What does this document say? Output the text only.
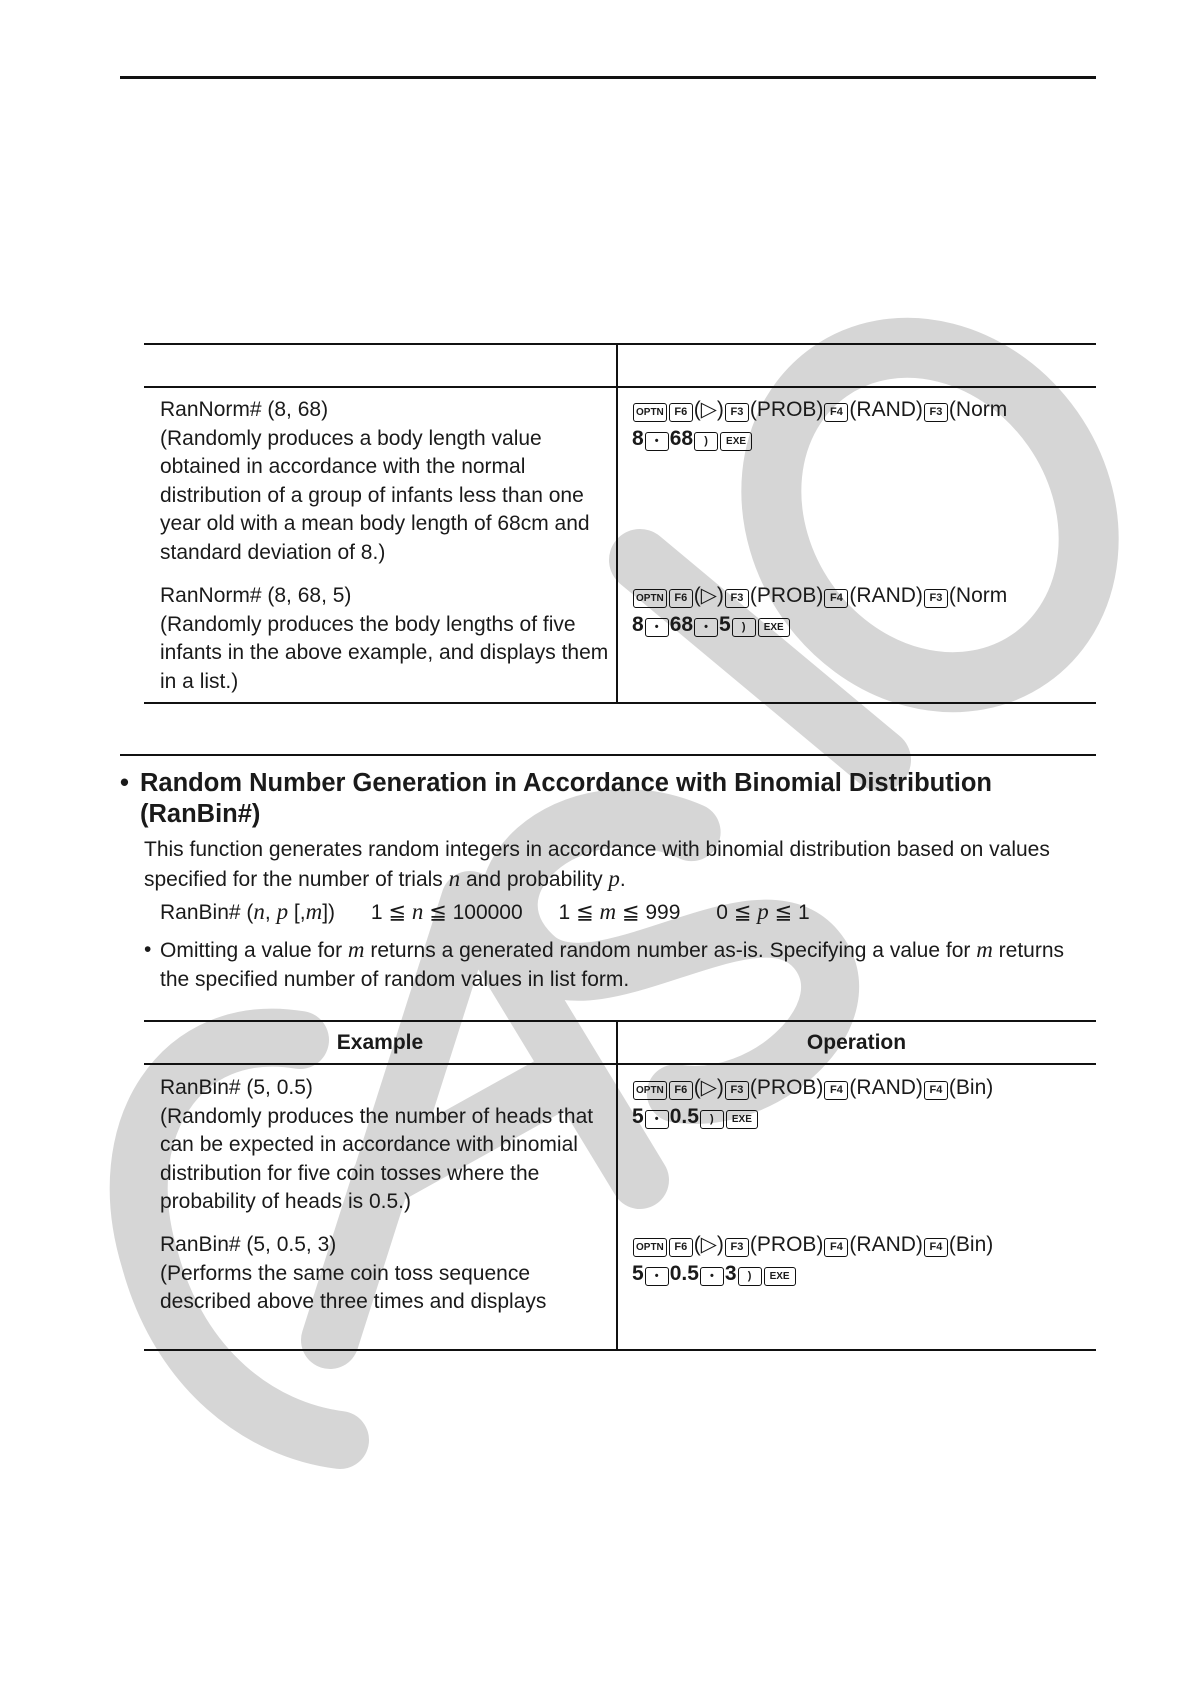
RanNorm# (8, 68)
(Randomly produces a body length value obtained in accordance with the normal distribution of a group of infants less than one year old with a mean body length of 68cm and standard deviation of 8.)
OPTN F6 (▷) F3 (PROB) F4 (RAND) F3 (Norm
8 • 68 ) EXE
RanNorm# (8, 68, 5)
(Randomly produces the body lengths of five infants in the above example, and displays them in a list.)
OPTN F6 (▷) F3 (PROB) F4 (RAND) F3 (Norm
8 • 68 • 5 ) EXE
• Random Number Generation in Accordance with Binomial Distribution (RanBin#)
This function generates random integers in accordance with binomial distribution based on values specified for the number of trials n and probability p.
RanBin# (n, p [,m]) 1 ≦ n ≦ 100000 1 ≦ m ≦ 999 0 ≦ p ≦ 1
• Omitting a value for m returns a generated random number as-is. Specifying a value for m returns the specified number of random values in list form.
Example	Operation
RanBin# (5, 0.5)
(Randomly produces the number of heads that can be expected in accordance with binomial distribution for five coin tosses where the probability of heads is 0.5.)
OPTN F6 (▷) F3 (PROB) F4 (RAND) F4 (Bin)
5 • 0.5 ) EXE
RanBin# (5, 0.5, 3)
(Performs the same coin toss sequence described above three times and displays
OPTN F6 (▷) F3 (PROB) F4 (RAND) F4 (Bin)
5 • 0.5 • 3 ) EXE
